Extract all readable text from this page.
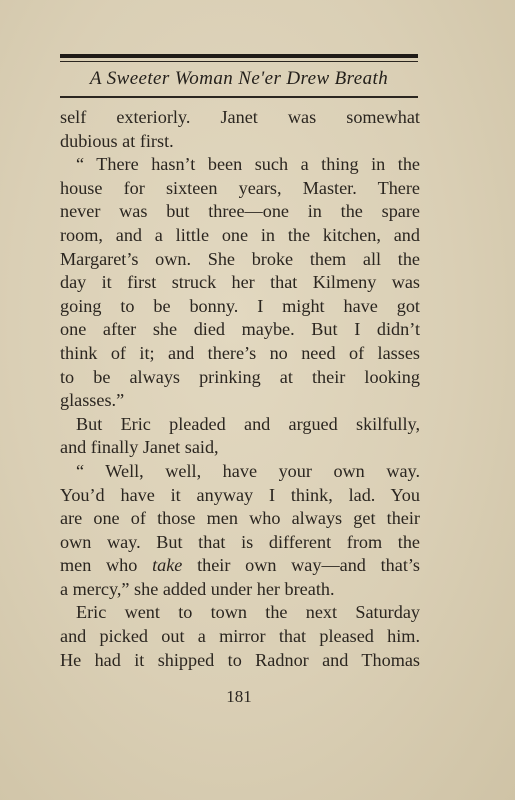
A Sweeter Woman Ne'er Drew Breath
self exteriorly. Janet was somewhat
dubious at first.
“ There hasn’t been such a thing in the
house for sixteen years, Master. There
never was but three—one in the spare
room, and a little one in the kitchen, and
Margaret’s own. She broke them all the
day it first struck her that Kilmeny was
going to be bonny. I might have got
one after she died maybe. But I didn’t
think of it; and there’s no need of lasses
to be always prinking at their looking
glasses.”
But Eric pleaded and argued skilfully,
and finally Janet said,
“ Well, well, have your own way.
You’d have it anyway I think, lad. You
are one of those men who always get their
own way. But that is different from the
men who take their own way—and that’s
a mercy,” she added under her breath.
Eric went to town the next Saturday
and picked out a mirror that pleased him.
He had it shipped to Radnor and Thomas
181
